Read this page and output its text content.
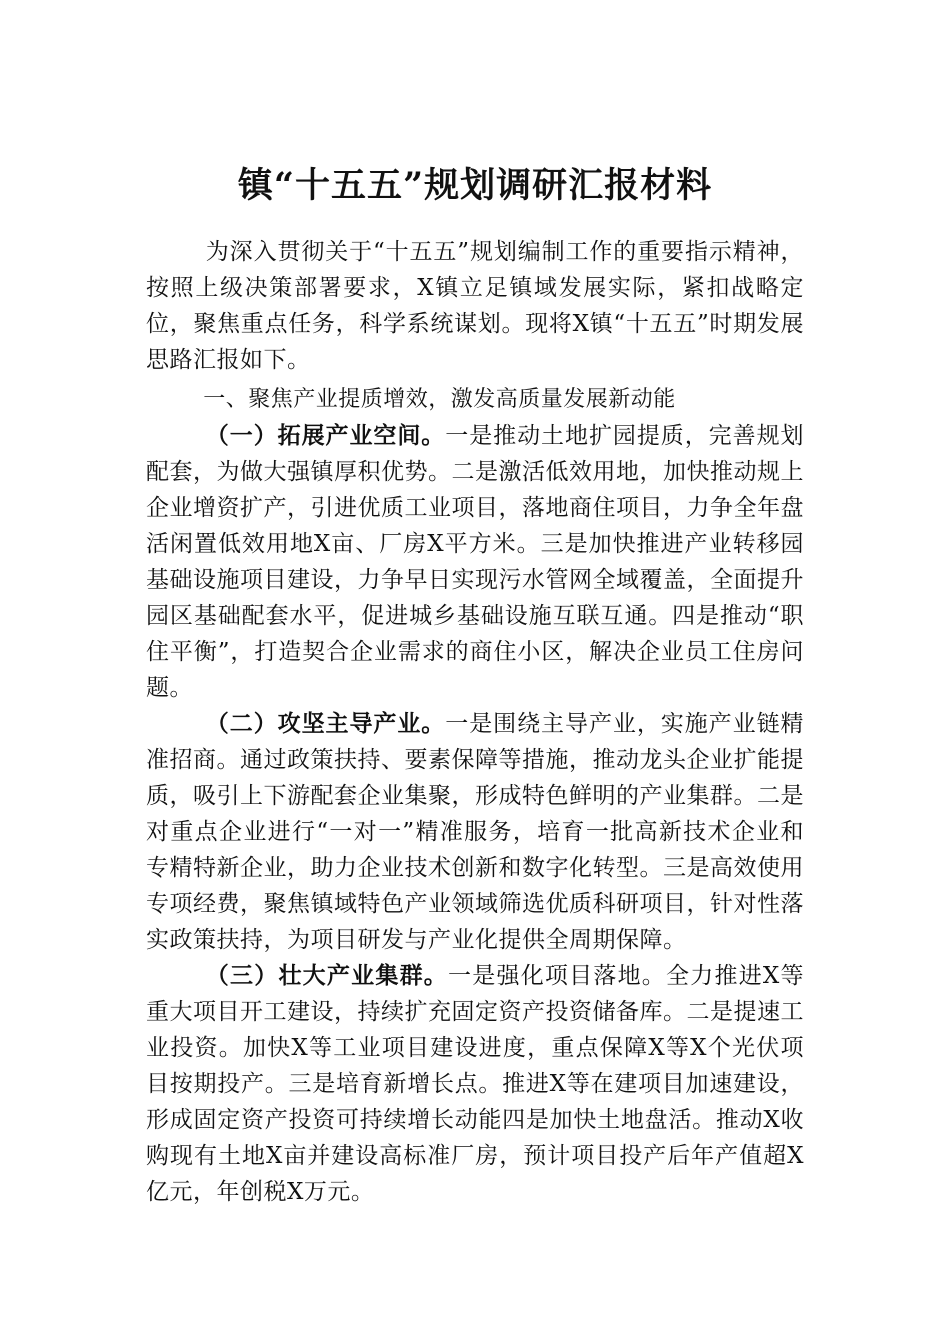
镇“十五五”规划调研汇报材料

为深入贯彻关于“十五五”规划编制工作的重要指示精神，按照上级决策部署要求，X镇立足镇域发展实际，紧扣战略定位，聚焦重点任务，科学系统谋划。现将X镇“十五五”时期发展思路汇报如下。

一、聚焦产业提质增效，激发高质量发展新动能

（一）拓展产业空间。一是推动土地扩园提质，完善规划配套，为做大强镇厚积优势。二是激活低效用地，加快推动规上企业增资扩产，引进优质工业项目，落地商住项目，力争全年盘活闲置低效用地X亩、厂房X平方米。三是加快推进产业转移园基础设施项目建设，力争早日实现污水管网全域覆盖，全面提升园区基础配套水平，促进城乡基础设施互联互通。四是推动“职住平衡”，打造契合企业需求的商住小区，解决企业员工住房问题。

（二）攻坚主导产业。一是围绕主导产业，实施产业链精准招商。通过政策扶持、要素保障等措施，推动龙头企业扩能提质，吸引上下游配套企业集聚，形成特色鲜明的产业集群。二是对重点企业进行“一对一”精准服务，培育一批高新技术企业和专精特新企业，助力企业技术创新和数字化转型。三是高效使用专项经费，聚焦镇域特色产业领域筛选优质科研项目，针对性落实政策扶持，为项目研发与产业化提供全周期保障。

（三）壮大产业集群。一是强化项目落地。全力推进X等重大项目开工建设，持续扩充固定资产投资储备库。二是提速工业投资。加快X等工业项目建设进度，重点保障X等X个光伏项目按期投产。三是培育新增长点。推进X等在建项目加速建设，形成固定资产投资可持续增长动能四是加快土地盘活。推动X收购现有土地X亩并建设高标准厂房，预计项目投产后年产值超X亿元，年创税X万元。
